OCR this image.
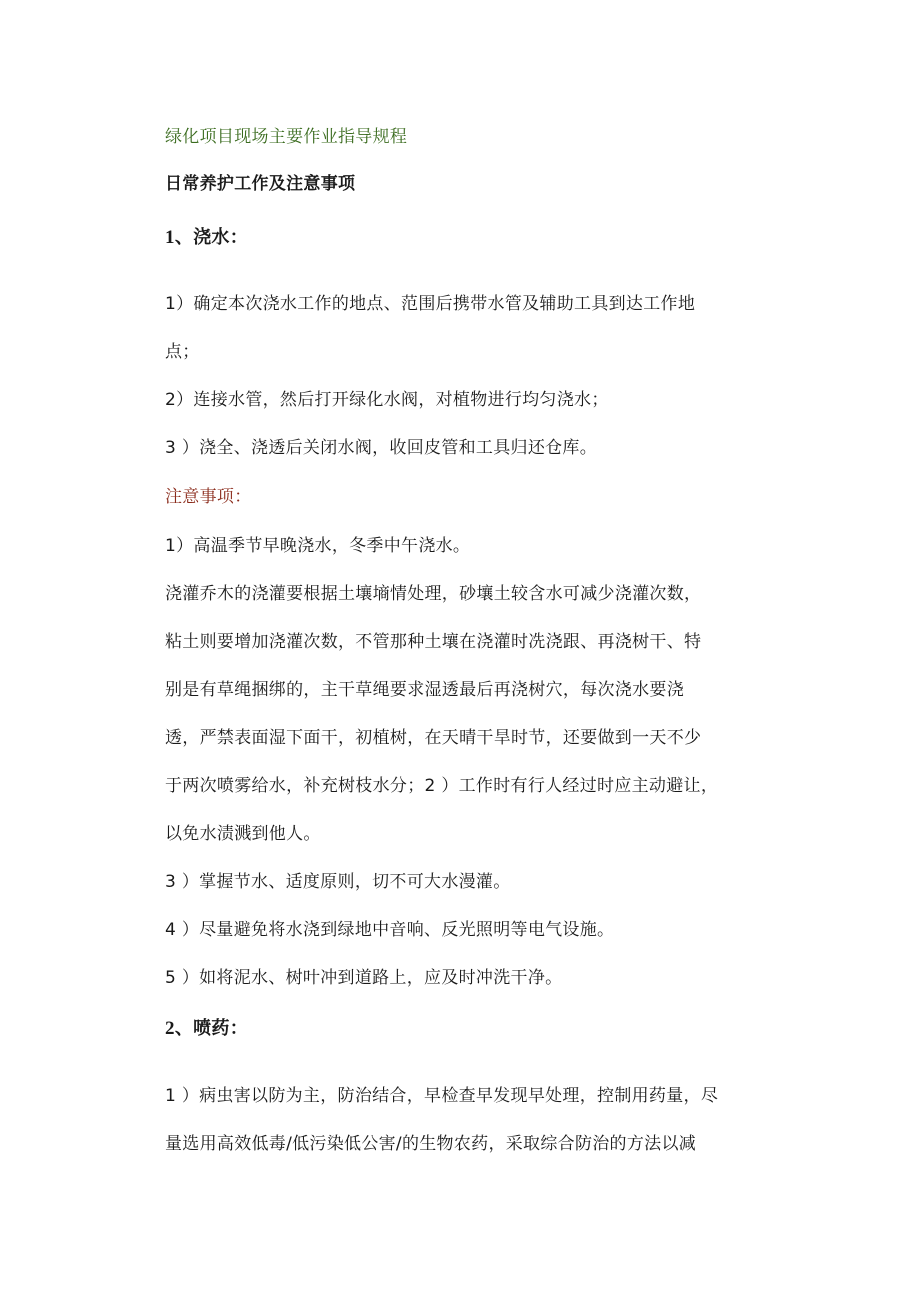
绿化项目现场主要作业指导规程
日常养护工作及注意事项
1、浇水：
1）确定本次浇水工作的地点、范围后携带水管及辅助工具到达工作地
点；
2）连接水管，然后打开绿化水阀，对植物进行均匀浇水；
3 ）浇全、浇透后关闭水阀，收回皮管和工具归还仓库。
注意事项：
1）高温季节早晚浇水，冬季中午浇水。
浇灌乔木的浇灌要根据土壤墒情处理，砂壤土较含水可减少浇灌次数，
粘土则要增加浇灌次数，不管那种土壤在浇灌时冼浇跟、再浇树干、特
别是有草绳捆绑的，主干草绳要求湿透最后再浇树穴，每次浇水要浇
透，严禁表面湿下面干，初植树，在天晴干旱时节，还要做到一天不少
于两次喷雾给水，补充树枝水分；2 ）工作时有行人经过时应主动避让，
以免水渍溅到他人。
3 ）掌握节水、适度原则，切不可大水漫灌。
4 ）尽量避免将水浇到绿地中音响、反光照明等电气设施。
5 ）如将泥水、树叶冲到道路上，应及时冲洗干净。
2、喷药：
1 ）病虫害以防为主，防治结合，早检查早发现早处理，控制用药量，尽
量选用高效低毒/低污染低公害/的生物农药，采取综合防治的方法以减
